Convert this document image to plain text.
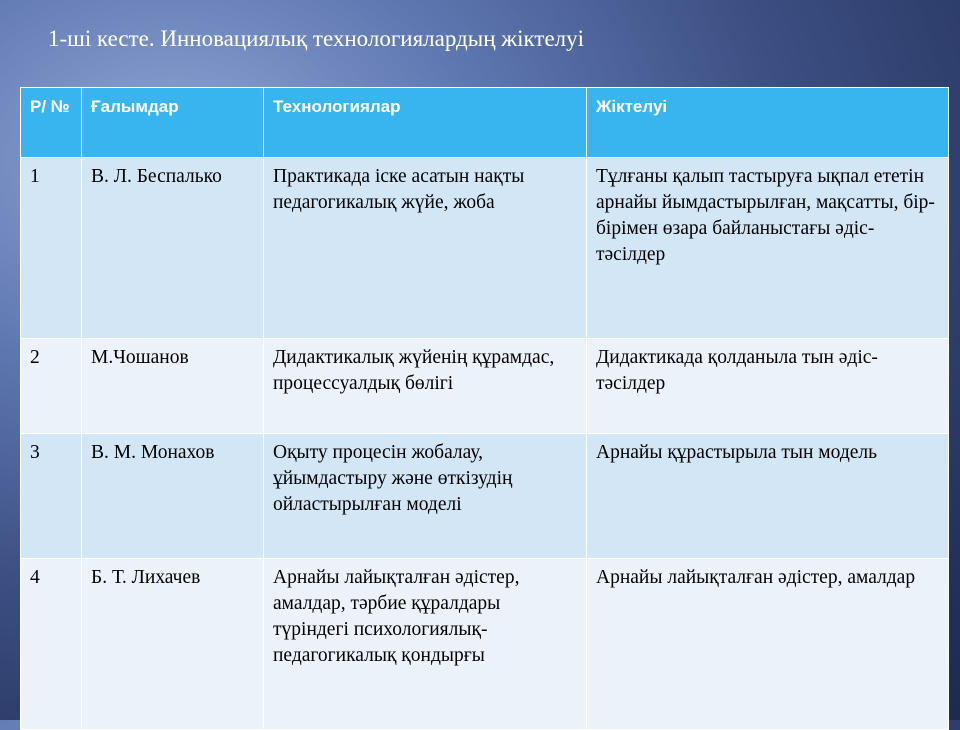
1-ші кесте. Инновациялық технологиялардың жіктелуі
Р/ №	Ғалымдар	Технологиялар	Жіктелуі
1	В. Л. Беспалько	Практикада іске асатын нақты педагогикалық жүйе, жоба	Тұлғаны қалып тастыруға ықпал ететін арнайы йымдастырылған, мақсатты, бір-бірімен өзара байланыстағы әдіс-тәсілдер
2	М.Чошанов	Дидактикалық жүйенің құрамдас, процессуалдық бөлігі	Дидактикада қолданыла тын әдіс-тәсілдер
3	В. М. Монахов	Оқыту процесін жобалау, ұйымдастыру және өткізудің ойластырылған моделі	Арнайы құрастырыла тын модель
4	Б. Т. Лихачев	Арнайы лайықталған әдістер, амалдар, тәрбие құралдары түріндегі психологиялық-педагогикалық қондырғы	Арнайы лайықталған әдістер, амалдар
